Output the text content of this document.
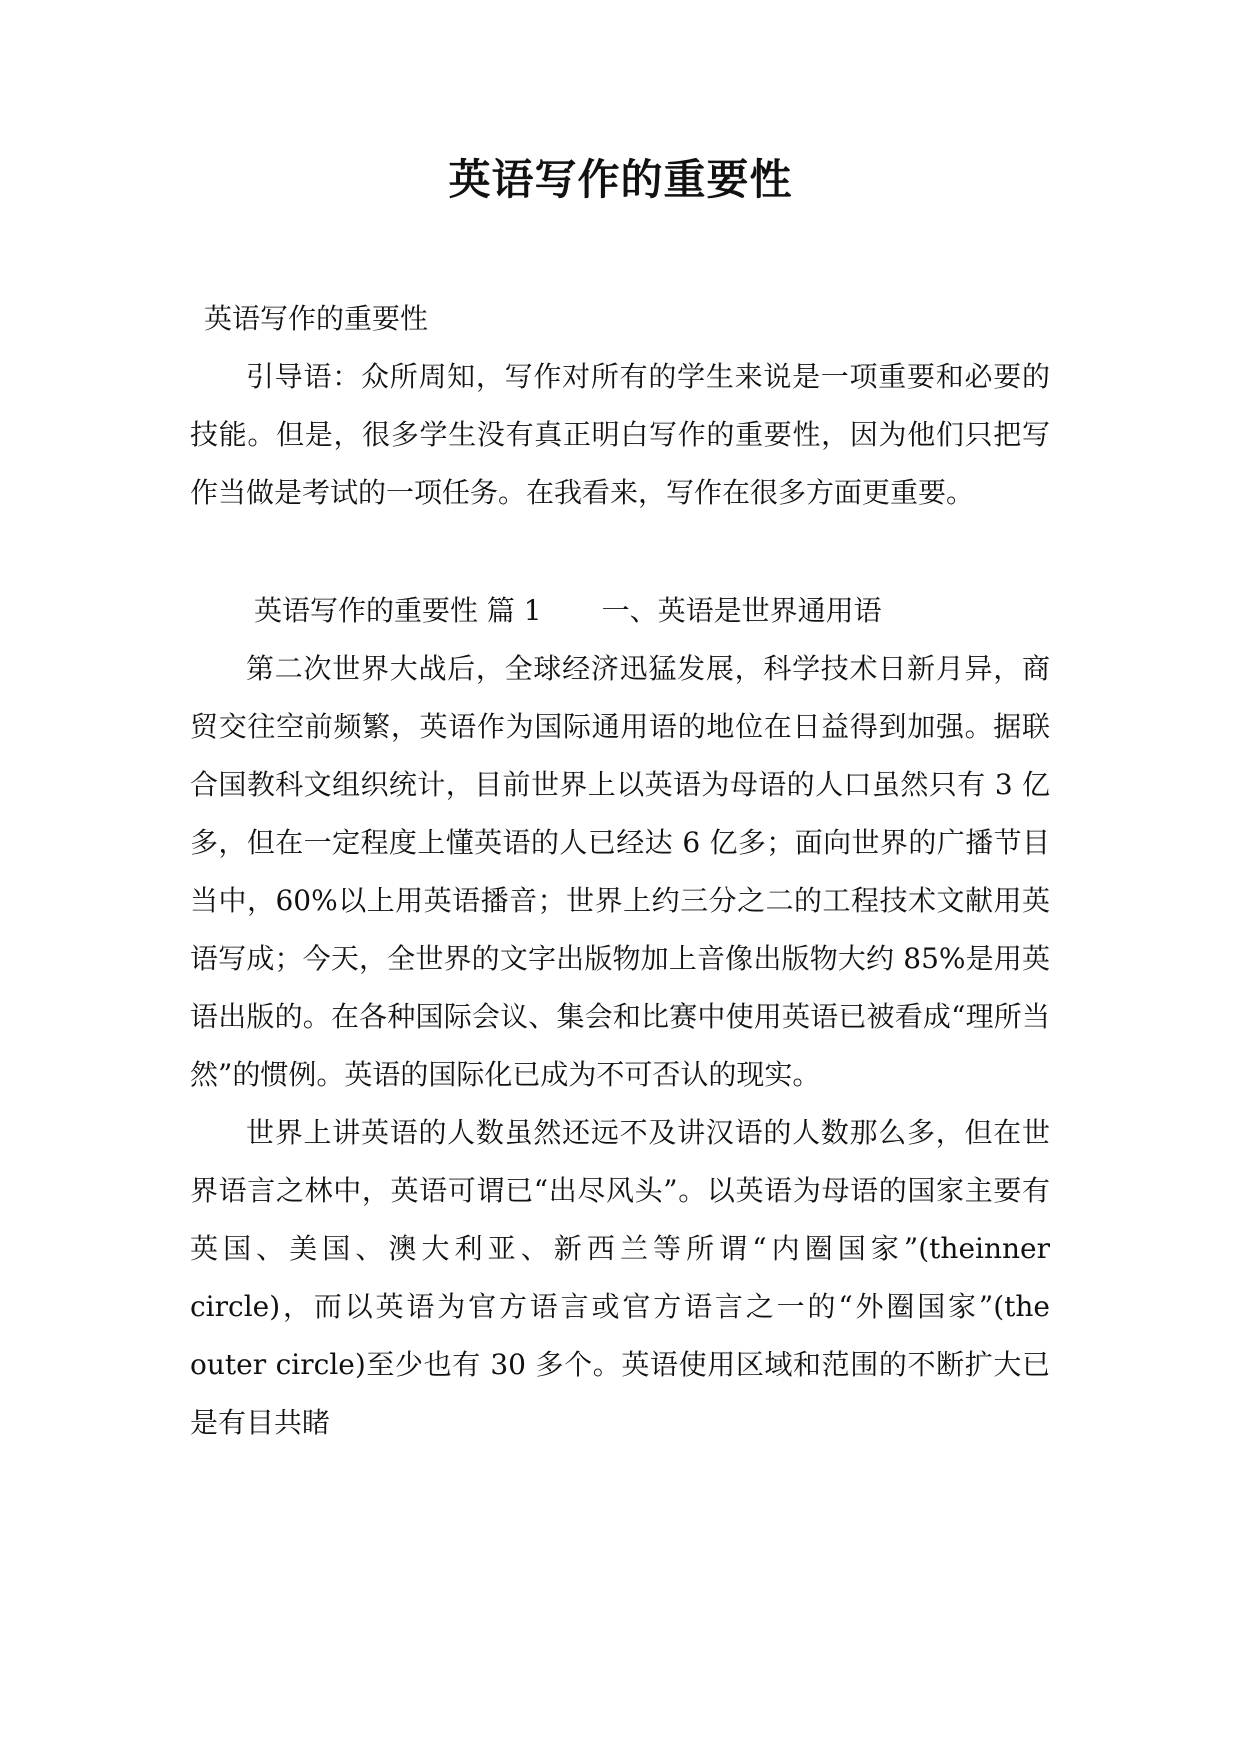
英语写作的重要性

英语写作的重要性

引导语：众所周知，写作对所有的学生来说是一项重要和必要的技能。但是，很多学生没有真正明白写作的重要性，因为他们只把写作当做是考试的一项任务。在我看来，写作在很多方面更重要。

英语写作的重要性 篇 1 一、英语是世界通用语

第二次世界大战后，全球经济迅猛发展，科学技术日新月异，商贸交往空前频繁，英语作为国际通用语的地位在日益得到加强。据联合国教科文组织统计，目前世界上以英语为母语的人口虽然只有 3 亿多，但在一定程度上懂英语的人已经达 6 亿多；面向世界的广播节目当中，60%以上用英语播音；世界上约三分之二的工程技术文献用英语写成；今天，全世界的文字出版物加上音像出版物大约 85%是用英语出版的。在各种国际会议、集会和比赛中使用英语已被看成“理所当然”的惯例。英语的国际化已成为不可否认的现实。

世界上讲英语的人数虽然还远不及讲汉语的人数那么多，但在世界语言之林中，英语可谓已“出尽风头”。以英语为母语的国家主要有英国、美国、澳大利亚、新西兰等所谓“内圈国家”(theinner circle)，而以英语为官方语言或官方语言之一的“外圈国家”(the outer circle)至少也有 30 多个。英语使用区域和范围的不断扩大已是有目共睹
